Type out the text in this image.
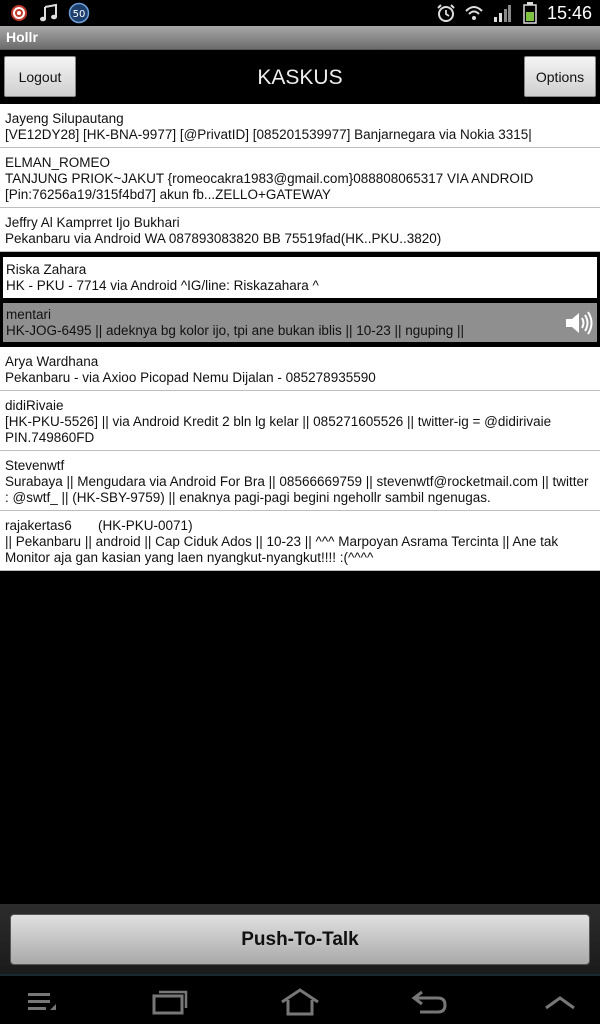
50	15:46
Hollr
Logout	KASKUS	Options
Jayeng Silupautang
[VE12DY28] [HK-BNA-9977] [@PrivatID] [085201539977] Banjarnegara via Nokia 3315|
ELMAN_ROMEO
TANJUNG PRIOK~JAKUT {romeocakra1983@gmail.com}088808065317 VIA ANDROID [Pin:76256a19/315f4bd7] akun fb...ZELLO+GATEWAY
Jeffry Al Kamprret Ijo Bukhari
Pekanbaru via Android WA 087893083820 BB 75519fad(HK..PKU..3820)
Riska Zahara
HK - PKU - 7714 via Android ^IG/line: Riskazahara ^
mentari
HK-JOG-6495 || adeknya bg kolor ijo, tpi ane bukan iblis || 10-23 || nguping ||
Arya Wardhana
Pekanbaru - via Axioo Picopad Nemu Dijalan - 085278935590
didiRivaie
[HK-PKU-5526] || via Android Kredit 2 bln lg kelar || 085271605526 || twitter-ig = @didirivaie PIN.749860FD
Stevenwtf
Surabaya || Mengudara via Android For Bra || 08566669759 || stevenwtf@rocketmail.com || twitter : @swtf_ || (HK-SBY-9759) || enaknya pagi-pagi begini ngehollr sambil ngenugas.
rajakertas6       (HK-PKU-0071)
|| Pekanbaru || android || Cap Ciduk Ados || 10-23 || ^^^ Marpoyan Asrama Tercinta || Ane tak Monitor aja gan kasian yang laen nyangkut-nyangkut!!!! :(^^^^
Push-To-Talk
